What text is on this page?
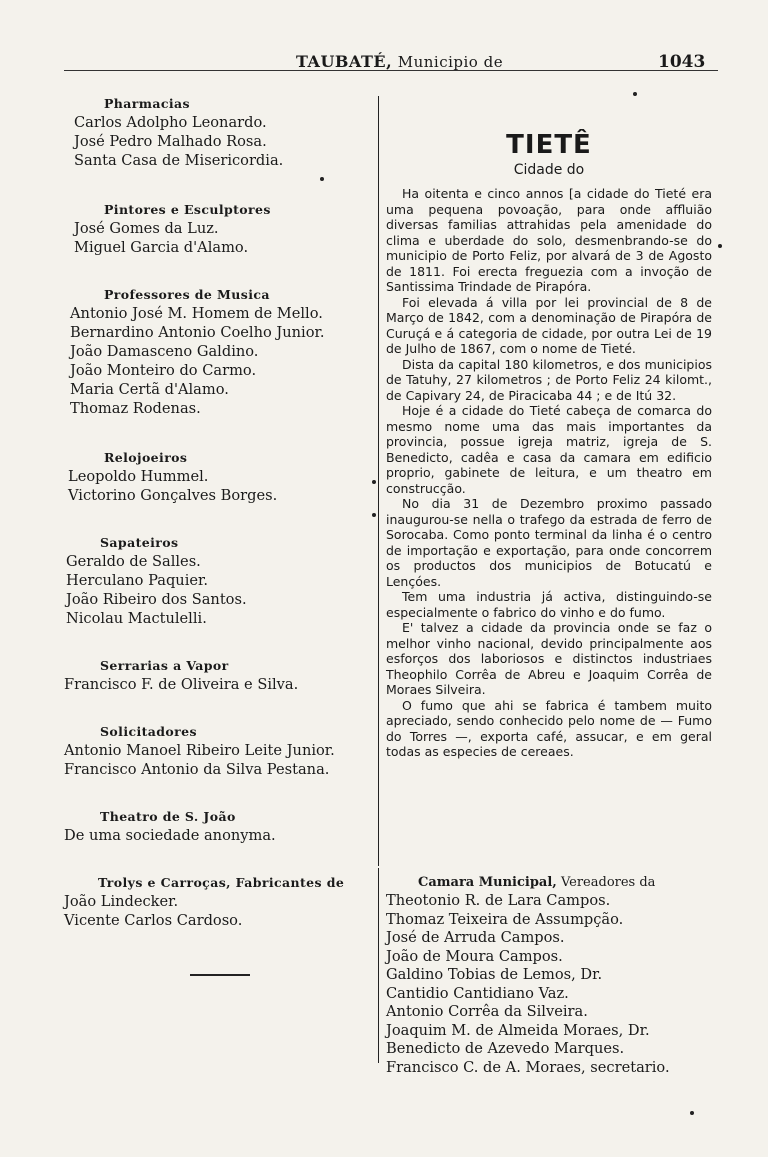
TAUBATÉ, Municipio de	1043
Pharmacias
Carlos Adolpho Leonardo.
José Pedro Malhado Rosa.
Santa Casa de Misericordia.
Pintores e Esculptores
José Gomes da Luz.
Miguel Garcia d'Alamo.
Professores de Musica
Antonio José M. Homem de Mello.
Bernardino Antonio Coelho Junior.
João Damasceno Galdino.
João Monteiro do Carmo.
Maria Certã d'Alamo.
Thomaz Rodenas.
Relojoeiros
Leopoldo Hummel.
Victorino Gonçalves Borges.
Sapateiros
Geraldo de Salles.
Herculano Paquier.
João Ribeiro dos Santos.
Nicolau Mactulelli.
Serrarias a Vapor
Francisco F. de Oliveira e Silva.
Solicitadores
Antonio Manoel Ribeiro Leite Junior.
Francisco Antonio da Silva Pestana.
Theatro de S. João
De uma sociedade anonyma.
Trolys e Carroças, Fabricantes de
João Lindecker.
Vicente Carlos Cardoso.
TIETÊ
Cidade do

Ha oitenta e cinco annos [a cidade do Tieté era uma pequena povoação, para onde affluião diversas familias attrahidas pela amenidade do clima e uberdade do solo, desmenbrando-se do municipio de Porto Feliz, por alvará de 3 de Agosto de 1811. Foi erecta freguezia com a invoção de Santissima Trindade de Pirapóra.

Foi elevada á villa por lei provincial de 8 de Março de 1842, com a denominação de Pirapóra de Curuçá e á categoria de cidade, por outra Lei de 19 de Julho de 1867, com o nome de Tieté.

Dista da capital 180 kilometros, e dos municipios de Tatuhy, 27 kilometros ; de Porto Feliz 24 kilomt., de Capivary 24, de Piracicaba 44 ; e de Itú 32.

Hoje é a cidade do Tieté cabeça de comarca do mesmo nome uma das mais importantes da provincia, possue igreja matriz, igreja de S. Benedicto, cadêa e casa da camara em edificio proprio, gabinete de leitura, e um theatro em construcção.

No dia 31 de Dezembro proximo passado inaugurou-se nella o trafego da estrada de ferro de Sorocaba. Como ponto terminal da linha é o centro de importação e exportação, para onde concorrem os productos dos municipios de Botucatú e Lençóes.

Tem uma industria já activa, distinguindo-se especialmente o fabrico do vinho e do fumo.

E' talvez a cidade da provincia onde se faz o melhor vinho nacional, devido principalmente aos esforços dos laboriosos e distinctos industriaes Theophilo Corrêa de Abreu e Joaquim Corrêa de Moraes Silveira.

O fumo que ahi se fabrica é tambem muito apreciado, sendo conhecido pelo nome de — Fumo do Torres —, exporta café, assucar, e em geral todas as especies de cereaes.

Camara Municipal, Vereadores da
Theotonio R. de Lara Campos.
Thomaz Teixeira de Assumpção.
José de Arruda Campos.
João de Moura Campos.
Galdino Tobias de Lemos, Dr.
Cantidio Cantidiano Vaz.
Antonio Corrêa da Silveira.
Joaquim M. de Almeida Moraes, Dr.
Benedicto de Azevedo Marques.
Francisco C. de A. Moraes, secretario.
